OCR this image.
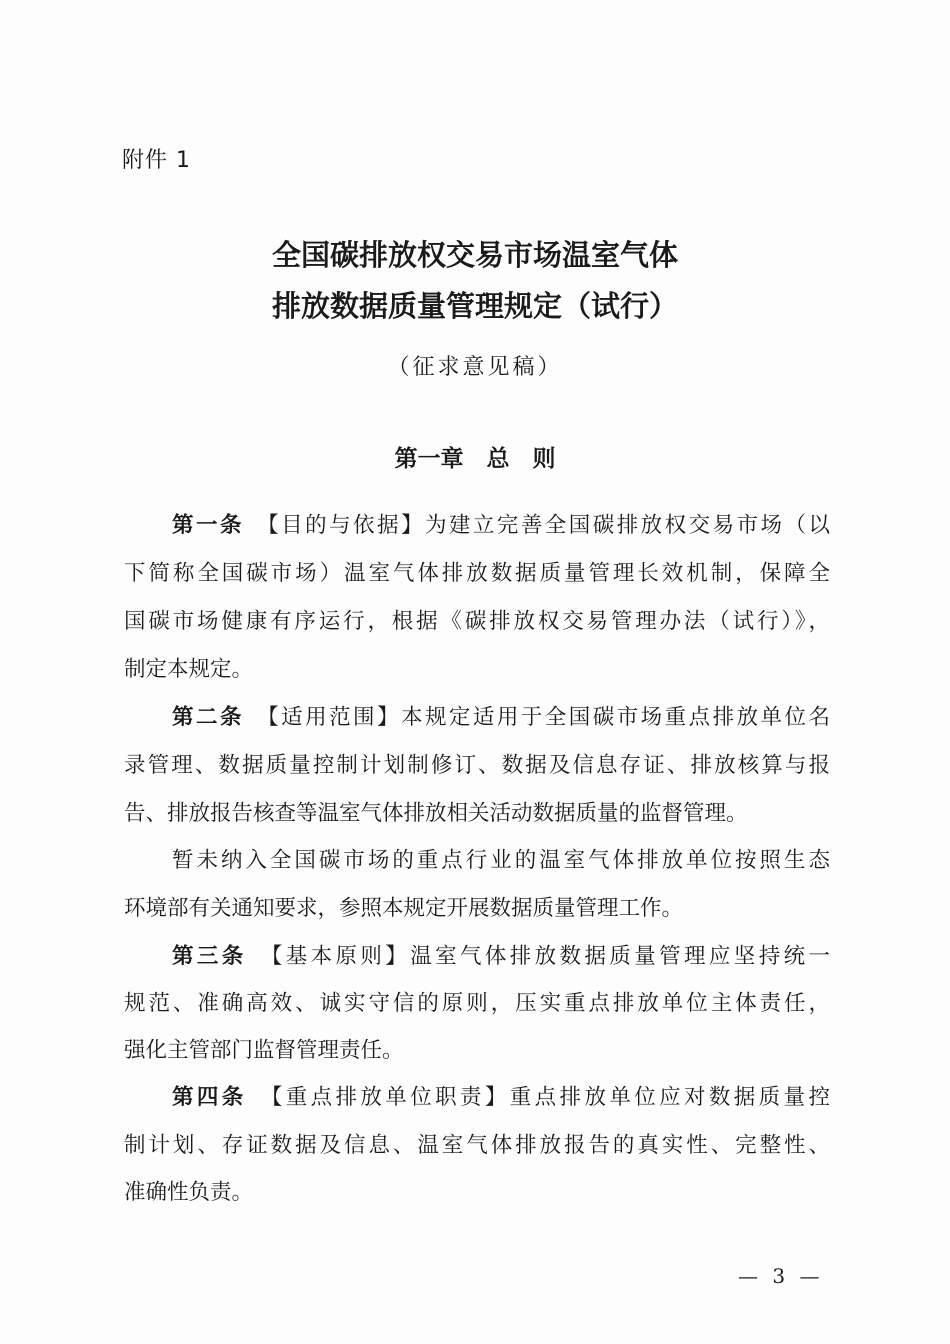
附件 1
全国碳排放权交易市场温室气体
排放数据质量管理规定（试行）
（征求意见稿）
第一章　总　则
第一条　 【目的与依据】为建立完善全国碳排放权交易市场（以
下简称全国碳市场）温室气体排放数据质量管理长效机制，保障全
国碳市场健康有序运行，根据《碳排放权交易管理办法（试行）》，
制定本规定。
第二条　 【适用范围】本规定适用于全国碳市场重点排放单位名
录管理、数据质量控制计划制修订、数据及信息存证、排放核算与报
告、排放报告核查等温室气体排放相关活动数据质量的监督管理。
暂未纳入全国碳市场的重点行业的温室气体排放单位按照生态
环境部有关通知要求，参照本规定开展数据质量管理工作。
第三条　 【基本原则】温室气体排放数据质量管理应坚持统一
规范、准确高效、诚实守信的原则，压实重点排放单位主体责任，
强化主管部门监督管理责任。
第四条　 【重点排放单位职责】重点排放单位应对数据质量控
制计划、存证数据及信息、温室气体排放报告的真实性、完整性、
准确性负责。
— 3 —
